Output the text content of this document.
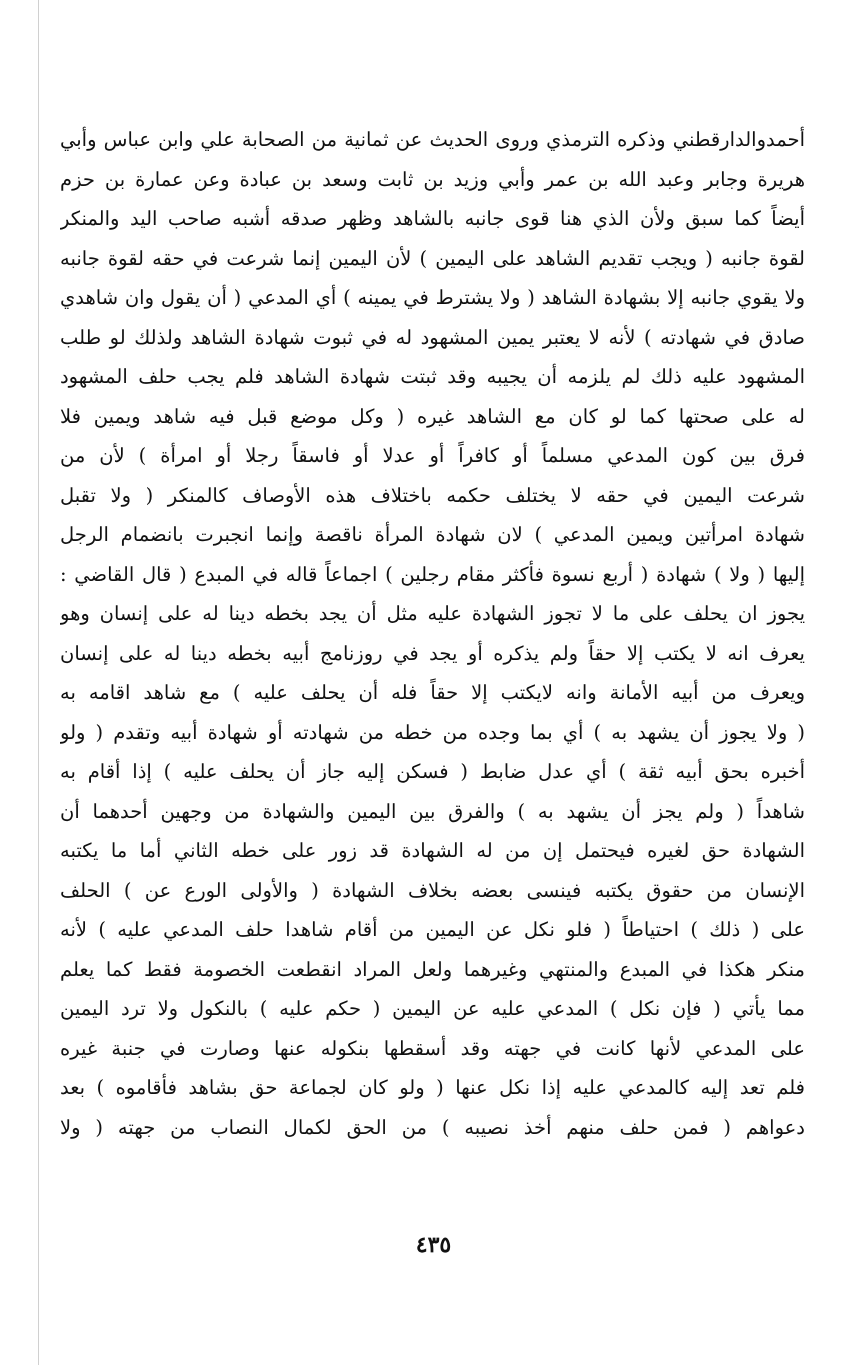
أحمدوالدارقطني وذكره الترمذي وروى الحديث عن ثمانية من الصحابة علي وابن عباس وأبي
هريرة وجابر وعبد الله بن عمر وأبي وزيد بن ثابت وسعد بن عبادة وعن عمارة بن حزم
أيضاً كما سبق ولأن الذي هنا قوى جانبه بالشاهد وظهر صدقه أشبه صاحب اليد والمنكر
لقوة جانبه ( ويجب تقديم الشاهد على اليمين ) لأن اليمين إنما شرعت في حقه لقوة جانبه
ولا يقوي جانبه إلا بشهادة الشاهد ( ولا يشترط في يمينه ) أي المدعي ( أن يقول وان شاهدي
صادق في شهادته ) لأنه لا يعتبر يمين المشهود له في ثبوت شهادة الشاهد ولذلك لو طلب
المشهود عليه ذلك لم يلزمه أن يجيبه وقد ثبتت شهادة الشاهد فلم يجب حلف المشهود
له على صحتها كما لو كان مع الشاهد غيره ( وكل موضع قبل فيه شاهد ويمين فلا
فرق بين كون المدعي مسلماً أو كافراً أو عدلا أو فاسقاً رجلا أو امرأة ) لأن من
شرعت اليمين في حقه لا يختلف حكمه باختلاف هذه الأوصاف كالمنكر ( ولا تقبل
شهادة امرأتين ويمين المدعي ) لان شهادة المرأة ناقصة وإنما انجبرت بانضمام الرجل
إليها ( ولا ) شهادة ( أربع نسوة فأكثر مقام رجلين ) اجماعاً قاله في المبدع ( قال القاضي :
يجوز ان يحلف على ما لا تجوز الشهادة عليه مثل أن يجد بخطه دينا له على إنسان وهو
يعرف انه لا يكتب إلا حقاً ولم يذكره أو يجد في روزنامج أبيه بخطه دينا له على إنسان
ويعرف من أبيه الأمانة وانه لايكتب إلا حقاً فله أن يحلف عليه ) مع شاهد اقامه به
( ولا يجوز أن يشهد به ) أي بما وجده من خطه من شهادته أو شهادة أبيه وتقدم ( ولو
أخبره بحق أبيه ثقة ) أي عدل ضابط ( فسكن إليه جاز أن يحلف عليه ) إذا أقام به
شاهداً ( ولم يجز أن يشهد به ) والفرق بين اليمين والشهادة من وجهين أحدهما أن
الشهادة حق لغيره فيحتمل إن من له الشهادة قد زور على خطه الثاني أما ما يكتبه
الإنسان من حقوق يكتبه فينسى بعضه بخلاف الشهادة ( والأولى الورع عن ) الحلف
على ( ذلك ) احتياطاً ( فلو نكل عن اليمين من أقام شاهدا حلف المدعي عليه ) لأنه
منكر هكذا في المبدع والمنتهي وغيرهما ولعل المراد انقطعت الخصومة فقط كما يعلم
مما يأتي ( فإن نكل ) المدعي عليه عن اليمين ( حكم عليه ) بالنكول ولا ترد اليمين
على المدعي لأنها كانت في جهته وقد أسقطها بنكوله عنها وصارت في جنبة غيره
فلم تعد إليه كالمدعي عليه إذا نكل عنها ( ولو كان لجماعة حق بشاهد فأقاموه ) بعد
دعواهم ( فمن حلف منهم أخذ نصيبه ) من الحق لكمال النصاب من جهته ( ولا
٤٣٥
